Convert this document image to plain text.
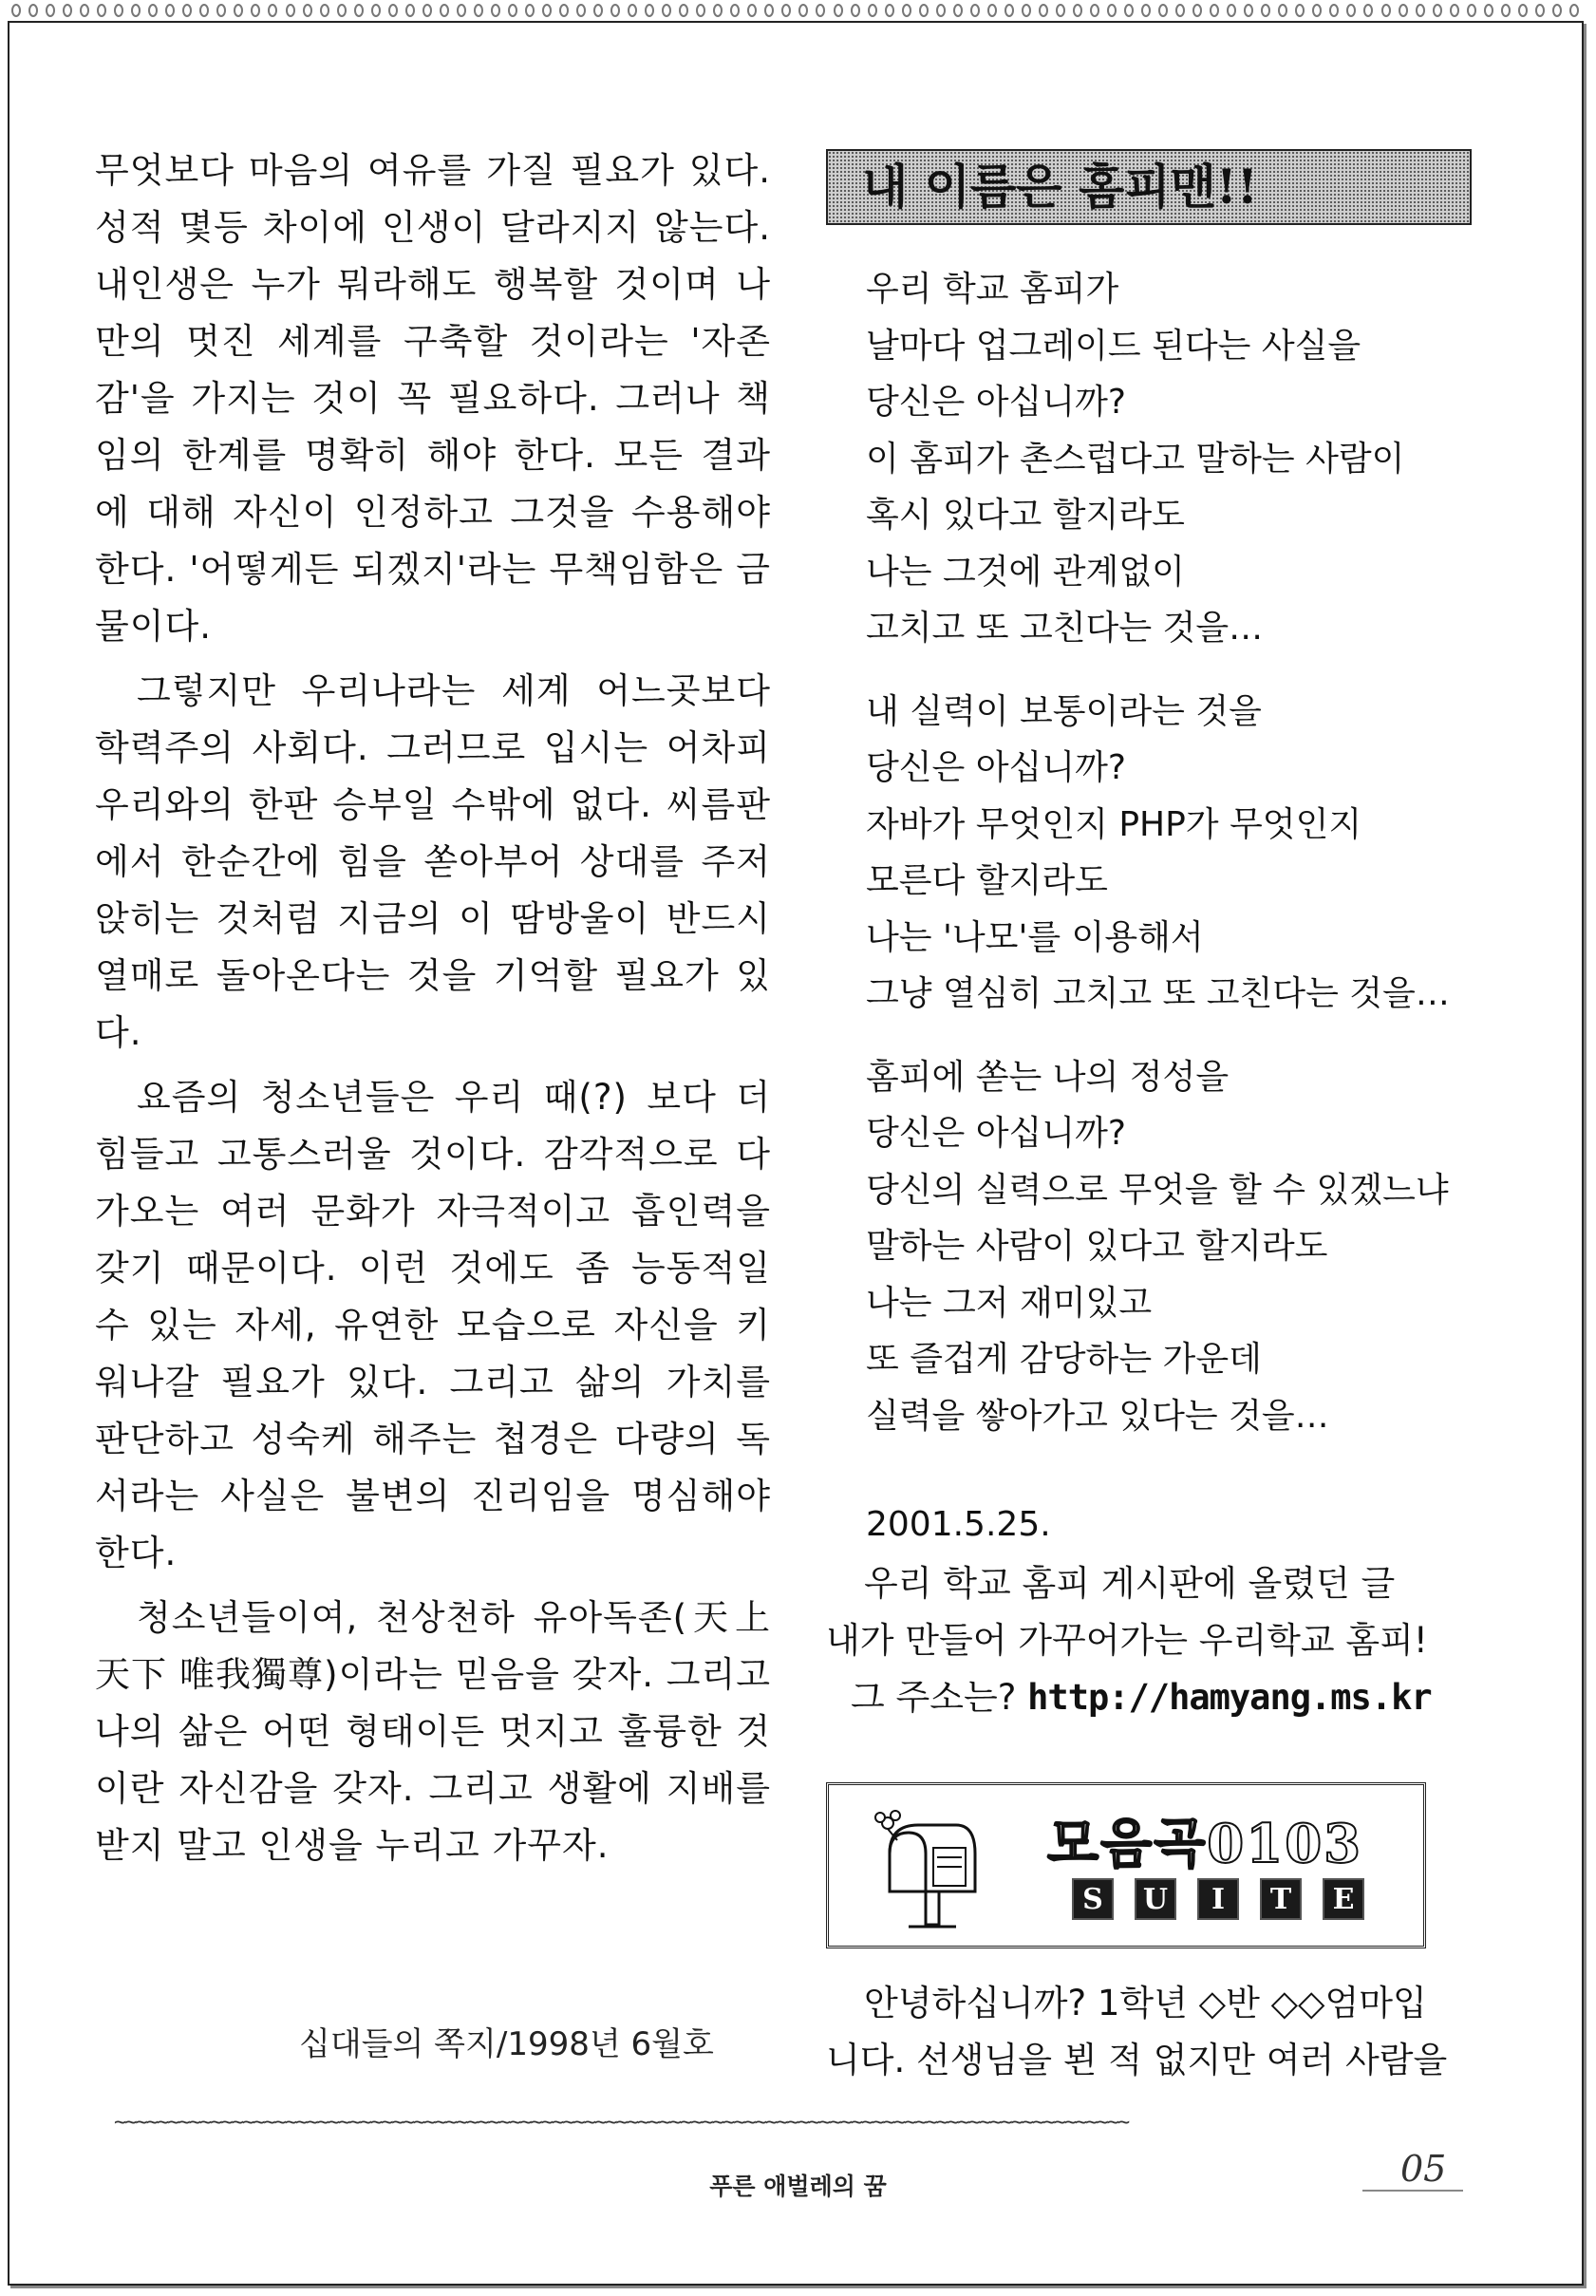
무엇보다 마음의 여유를 가질 필요가 있다. 성적 몇등 차이에 인생이 달라지지 않는다. 내인생은 누가 뭐라해도 행복할 것이며 나만의 멋진 세계를 구축할 것이라는 '자존감'을 가지는 것이 꼭 필요하다. 그러나 책임의 한계를 명확히 해야 한다. 모든 결과에 대해 자신이 인정하고 그것을 수용해야 한다. '어떻게든 되겠지'라는 무책임함은 금물이다.

그렇지만 우리나라는 세계 어느곳보다 학력주의 사회다. 그러므로 입시는 어차피 우리와의 한판 승부일 수밖에 없다. 씨름판에서 한순간에 힘을 쏟아부어 상대를 주저앉히는 것처럼 지금의 이 땀방울이 반드시 열매로 돌아온다는 것을 기억할 필요가 있다.

요즘의 청소년들은 우리 때(?) 보다 더 힘들고 고통스러울 것이다. 감각적으로 다가오는 여러 문화가 자극적이고 흡인력을 갖기 때문이다. 이런 것에도 좀 능동적일 수 있는 자세, 유연한 모습으로 자신을 키워나갈 필요가 있다. 그리고 삶의 가치를 판단하고 성숙케 해주는 첩경은 다량의 독서라는 사실은 불변의 진리임을 명심해야 한다.

청소년들이여, 천상천하 유아독존(天上天下 唯我獨尊)이라는 믿음을 갖자. 그리고 나의 삶은 어떤 형태이든 멋지고 훌륭한 것이란 자신감을 갖자. 그리고 생활에 지배를 받지 말고 인생을 누리고 가꾸자.

십대들의 쪽지/1998년 6월호
내 이름은 홈피맨!!
우리 학교 홈피가
날마다 업그레이드 된다는 사실을
당신은 아십니까?
이 홈피가 촌스럽다고 말하는 사람이
혹시 있다고 할지라도
나는 그것에 관계없이
고치고 또 고친다는 것을…
내 실력이 보통이라는 것을
당신은 아십니까?
자바가 무엇인지 PHP가 무엇인지
모른다 할지라도
나는 '나모'를 이용해서
그냥 열심히 고치고 또 고친다는 것을…
홈피에 쏟는 나의 정성을
당신은 아십니까?
당신의 실력으로 무엇을 할 수 있겠느냐
말하는 사람이 있다고 할지라도
나는 그저 재미있고
또 즐겁게 감당하는 가운데
실력을 쌓아가고 있다는 것을…
2001.5.25.
우리 학교 홈피 게시판에 올렸던 글
내가 만들어 가꾸어가는 우리학교 홈피!
그 주소는? http://hamyang.ms.kr
모음곡0103
S	U	I	T	E
안녕하십니까? 1학년 ◇반 ◇◇엄마입
니다. 선생님을 뵌 적 없지만 여러 사람을
~~~~~~~~~~~~~~~~~~~~~~~~~~~~~~~~~~~~~~~~~~~~~~~~~~~~~~~~~~~~~~~~~~~~~~~~~~~~~~~~~~~~~~~~~~~~~~~
푸른 애벌레의 꿈	05
